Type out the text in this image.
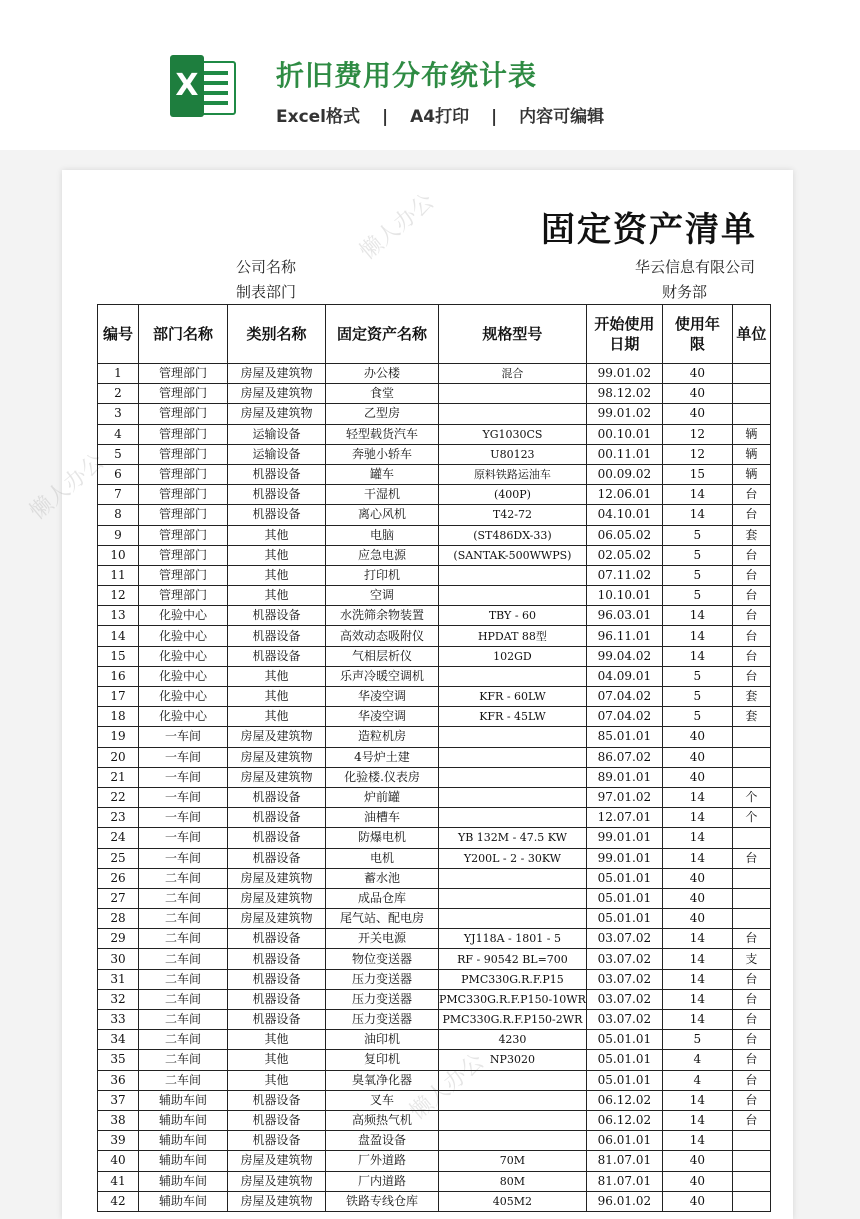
X	折旧费用分布统计表
Excel格式 | A4打印 | 内容可编辑
懒人办公
懒人办公
懒人办公
固定资产清单
公司名称	华云信息有限公司
制表部门	财务部
编号	部门名称	类别名称	固定资产名称	规格型号	开始使用日期	使用年限	单位
1	管理部门	房屋及建筑物	办公楼	混合	99.01.02	40	
2	管理部门	房屋及建筑物	食堂		98.12.02	40	
3	管理部门	房屋及建筑物	乙型房		99.01.02	40	
4	管理部门	运输设备	轻型载货汽车	YG1030CS	00.10.01	12	辆
5	管理部门	运输设备	奔驰小轿车	U80123	00.11.01	12	辆
6	管理部门	机器设备	罐车	原料铁路运油车	00.09.02	15	辆
7	管理部门	机器设备	干湿机	(400P)	12.06.01	14	台
8	管理部门	机器设备	离心风机	T42-72	04.10.01	14	台
9	管理部门	其他	电脑	(ST486DX-33)	06.05.02	5	套
10	管理部门	其他	应急电源	(SANTAK-500WWPS)	02.05.02	5	台
11	管理部门	其他	打印机		07.11.02	5	台
12	管理部门	其他	空调		10.10.01	5	台
13	化验中心	机器设备	水洗筛余物装置	TBY - 60	96.03.01	14	台
14	化验中心	机器设备	高效动态吸附仪	HPDAT 88型	96.11.01	14	台
15	化验中心	机器设备	气相层析仪	102GD	99.04.02	14	台
16	化验中心	其他	乐声冷暖空调机		04.09.01	5	台
17	化验中心	其他	华凌空调	KFR - 60LW	07.04.02	5	套
18	化验中心	其他	华凌空调	KFR - 45LW	07.04.02	5	套
19	一车间	房屋及建筑物	造粒机房		85.01.01	40	
20	一车间	房屋及建筑物	4号炉土建		86.07.02	40	
21	一车间	房屋及建筑物	化验楼.仪表房		89.01.01	40	
22	一车间	机器设备	炉前罐		97.01.02	14	个
23	一车间	机器设备	油槽车		12.07.01	14	个
24	一车间	机器设备	防爆电机	YB 132M - 47.5 KW	99.01.01	14	
25	一车间	机器设备	电机	Y200L - 2 - 30KW	99.01.01	14	台
26	二车间	房屋及建筑物	蓄水池		05.01.01	40	
27	二车间	房屋及建筑物	成品仓库		05.01.01	40	
28	二车间	房屋及建筑物	尾气站、配电房		05.01.01	40	
29	二车间	机器设备	开关电源	YJ118A - 1801 - 5	03.07.02	14	台
30	二车间	机器设备	物位变送器	RF - 90542 BL=700	03.07.02	14	支
31	二车间	机器设备	压力变送器	PMC330G.R.F.P15	03.07.02	14	台
32	二车间	机器设备	压力变送器	PMC330G.R.F.P150-10WR	03.07.02	14	台
33	二车间	机器设备	压力变送器	PMC330G.R.F.P150-2WR	03.07.02	14	台
34	二车间	其他	油印机	4230	05.01.01	5	台
35	二车间	其他	复印机	NP3020	05.01.01	4	台
36	二车间	其他	臭氧净化器		05.01.01	4	台
37	辅助车间	机器设备	叉车		06.12.02	14	台
38	辅助车间	机器设备	高频热气机		06.12.02	14	台
39	辅助车间	机器设备	盘盈设备		06.01.01	14	
40	辅助车间	房屋及建筑物	厂外道路	70M	81.07.01	40	
41	辅助车间	房屋及建筑物	厂内道路	80M	81.07.01	40	
42	辅助车间	房屋及建筑物	铁路专线仓库	405M2	96.01.02	40	
